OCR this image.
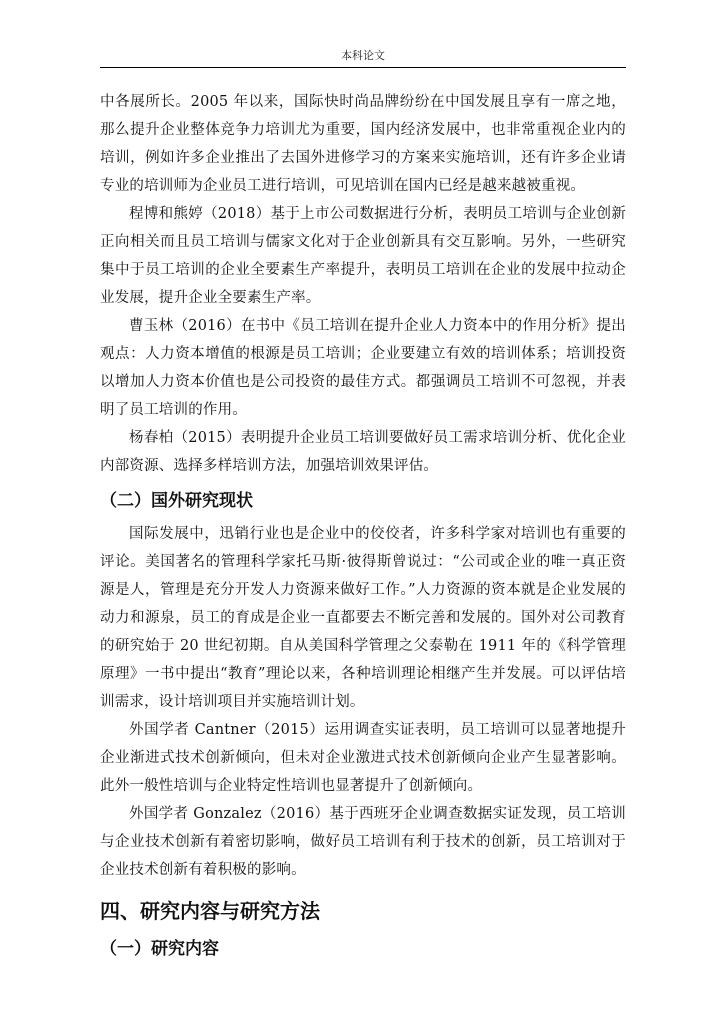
本科论文

中各展所长。2005 年以来，国际快时尚品牌纷纷在中国发展且享有一席之地，那么提升企业整体竞争力培训尤为重要，国内经济发展中，也非常重视企业内的培训，例如许多企业推出了去国外进修学习的方案来实施培训，还有许多企业请专业的培训师为企业员工进行培训，可见培训在国内已经是越来越被重视。

程博和熊婷（2018）基于上市公司数据进行分析，表明员工培训与企业创新正向相关而且员工培训与儒家文化对于企业创新具有交互影响。另外，一些研究集中于员工培训的企业全要素生产率提升，表明员工培训在企业的发展中拉动企业发展，提升企业全要素生产率。

曹玉林（2016）在书中《员工培训在提升企业人力资本中的作用分析》提出观点：人力资本增值的根源是员工培训；企业要建立有效的培训体系；培训投资以增加人力资本价值也是公司投资的最佳方式。都强调员工培训不可忽视，并表明了员工培训的作用。

杨春柏（2015）表明提升企业员工培训要做好员工需求培训分析、优化企业内部资源、选择多样培训方法，加强培训效果评估。

（二）国外研究现状

国际发展中，迅销行业也是企业中的佼佼者，许多科学家对培训也有重要的评论。美国著名的管理科学家托马斯·彼得斯曾说过：“公司或企业的唯一真正资源是人，管理是充分开发人力资源来做好工作。”人力资源的资本就是企业发展的动力和源泉，员工的育成是企业一直都要去不断完善和发展的。国外对公司教育的研究始于 20 世纪初期。自从美国科学管理之父泰勒在 1911 年的《科学管理原理》一书中提出“教育”理论以来，各种培训理论相继产生并发展。可以评估培训需求，设计培训项目并实施培训计划。

外国学者 Cantner（2015）运用调查实证表明，员工培训可以显著地提升企业渐进式技术创新倾向，但未对企业激进式技术创新倾向企业产生显著影响。此外一般性培训与企业特定性培训也显著提升了创新倾向。

外国学者 Gonzalez（2016）基于西班牙企业调查数据实证发现，员工培训与企业技术创新有着密切影响，做好员工培训有利于技术的创新，员工培训对于企业技术创新有着积极的影响。

四、研究内容与研究方法
（一）研究内容
